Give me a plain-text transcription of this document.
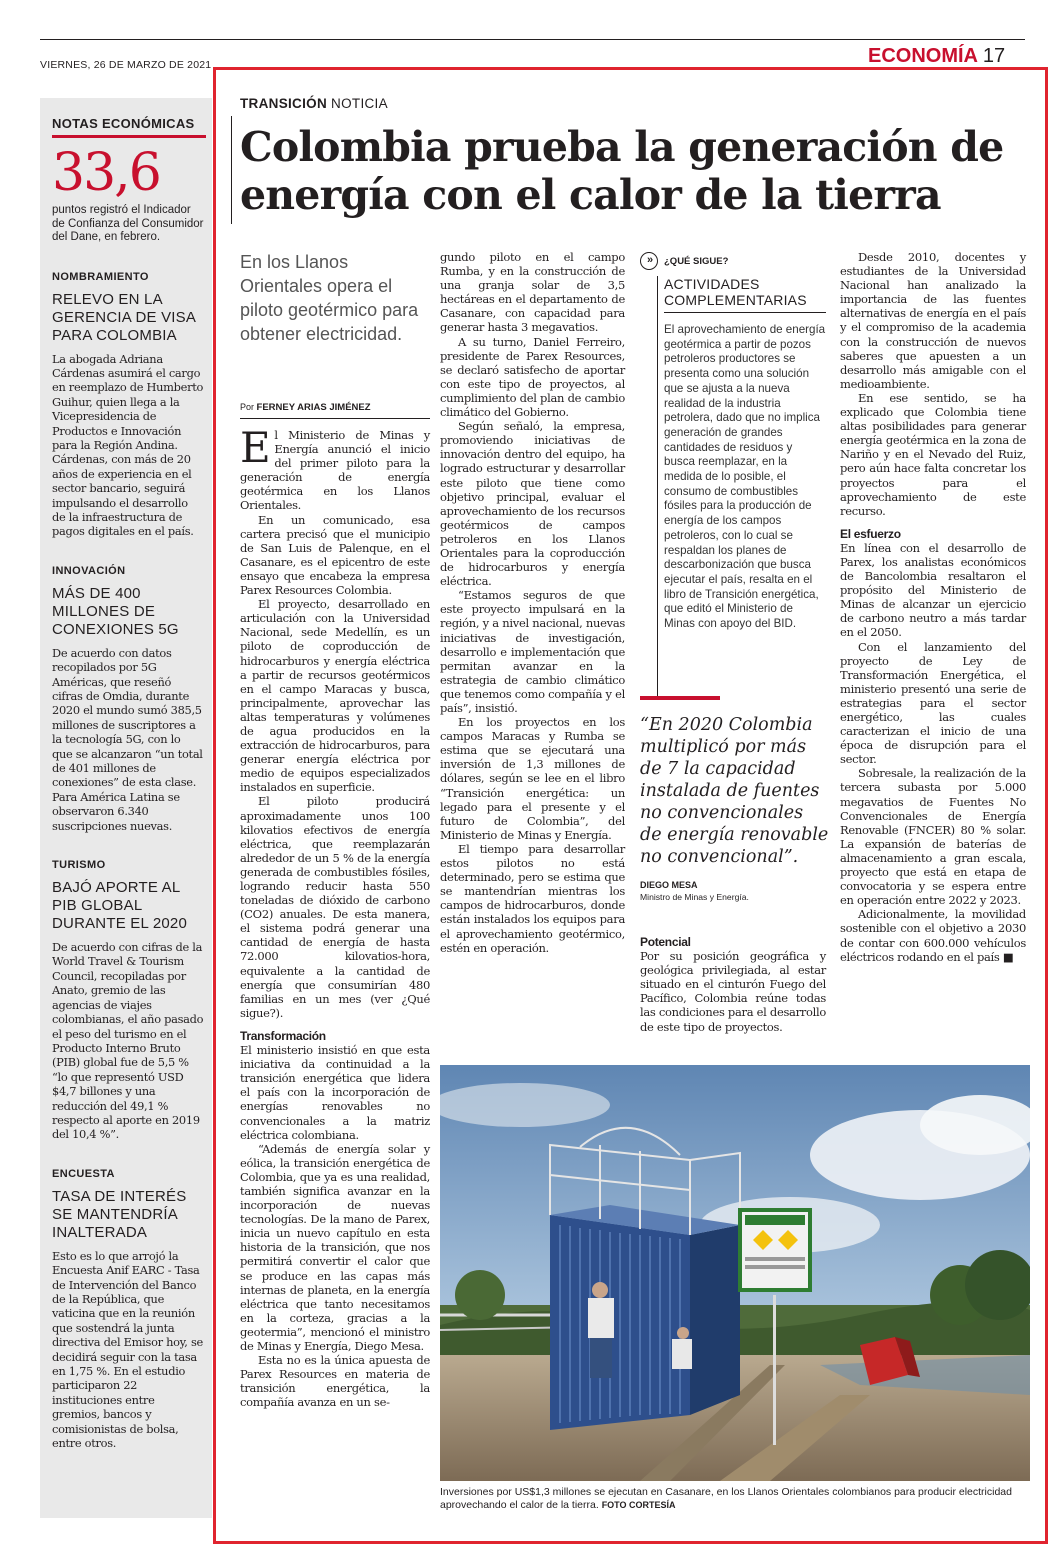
VIERNES, 26 DE MARZO DE 2021	ECONOMÍA 17
NOTAS ECONÓMICAS
33,6
puntos registró el Indicador de Confianza del Consumidor del Dane, en febrero.
NOMBRAMIENTO
RELEVO EN LA GERENCIA DE VISA PARA COLOMBIA
La abogada Adriana Cárdenas asumirá el cargo en reemplazo de Humberto Guihur, quien llega a la Vicepresidencia de Productos e Innovación para la Región Andina. Cárdenas, con más de 20 años de experiencia en el sector bancario, seguirá impulsando el desarrollo de la infraestructura de pagos digitales en el país.
INNOVACIÓN
MÁS DE 400 MILLONES DE CONEXIONES 5G
De acuerdo con datos recopilados por 5G Américas, que reseñó cifras de Omdia, durante 2020 el mundo sumó 385,5 millones de suscriptores a la tecnología 5G, con lo que se alcanzaron “un total de 401 millones de conexiones” de esta clase. Para América Latina se observaron 6.340 suscripciones nuevas.
TURISMO
BAJÓ APORTE AL PIB GLOBAL DURANTE EL 2020
De acuerdo con cifras de la World Travel & Tourism Council, recopiladas por Anato, gremio de las agencias de viajes colombianas, el año pasado el peso del turismo en el Producto Interno Bruto (PIB) global fue de 5,5 % “lo que representó USD $4,7 billones y una reducción del 49,1 % respecto al aporte en 2019 del 10,4 %”.
ENCUESTA
TASA DE INTERÉS SE MANTENDRÍA INALTERADA
Esto es lo que arrojó la Encuesta Anif EARC - Tasa de Intervención del Banco de la República, que vaticina que en la reunión que sostendrá la junta directiva del Emisor hoy, se decidirá seguir con la tasa en 1,75 %. En el estudio participaron 22 instituciones entre gremios, bancos y comisionistas de bolsa, entre otros.
TRANSICIÓN NOTICIA
Colombia prueba la generación de energía con el calor de la tierra
En los Llanos Orientales opera el piloto geotérmico para obtener electricidad.
Por FERNEY ARIAS JIMÉNEZ

El Ministerio de Minas y Energía anunció el inicio del primer piloto para la generación de energía geotérmica en los Llanos Orientales.

En un comunicado, esa cartera precisó que el municipio de San Luis de Palenque, en el Casanare, es el epicentro de este ensayo que encabeza la empresa Parex Resources Colombia.

El proyecto, desarrollado en articulación con la Universidad Nacional, sede Medellín, es un piloto de coproducción de hidrocarburos y energía eléctrica a partir de recursos geotérmicos en el campo Maracas y busca, principalmente, aprovechar las altas temperaturas y volúmenes de agua producidos en la extracción de hidrocarburos, para generar energía eléctrica por medio de equipos especializados instalados en superficie.

El piloto producirá aproximadamente unos 100 kilovatios efectivos de energía eléctrica, que reemplazarán alrededor de un 5 % de la energía generada de combustibles fósiles, logrando reducir hasta 550 toneladas de dióxido de carbono (CO2) anuales. De esta manera, el sistema podrá generar una cantidad de energía de hasta 72.000 kilovatios-hora, equivalente a la cantidad de energía que consumirían 480 familias en un mes (ver ¿Qué sigue?).

Transformación

El ministerio insistió en que esta iniciativa da continuidad a la transición energética que lidera el país con la incorporación de energías renovables no convencionales a la matriz eléctrica colombiana.

“Además de energía solar y eólica, la transición energética de Colombia, que ya es una realidad, también significa avanzar en la incorporación de nuevas tecnologías. De la mano de Parex, inicia un nuevo capítulo en esta historia de la transición, que nos permitirá convertir el calor que se produce en las capas más internas de planeta, en la energía eléctrica que tanto necesitamos en la corteza, gracias a la geotermia”, mencionó el ministro de Minas y Energía, Diego Mesa.

Esta no es la única apuesta de Parex Resources en materia de transición energética, la compañía avanza en un se-

gundo piloto en el campo Rumba, y en la construcción de una granja solar de 3,5 hectáreas en el departamento de Casanare, con capacidad para generar hasta 3 megavatios.

A su turno, Daniel Ferreiro, presidente de Parex Resources, se declaró satisfecho de aportar con este tipo de proyectos, al cumplimiento del plan de cambio climático del Gobierno.

Según señaló, la empresa, promoviendo iniciativas de innovación dentro del equipo, ha logrado estructurar y desarrollar este piloto que tiene como objetivo principal, evaluar el aprovechamiento de los recursos geotérmicos de campos petroleros en los Llanos Orientales para la coproducción de hidrocarburos y energía eléctrica.

“Estamos seguros de que este proyecto impulsará en la región, y a nivel nacional, nuevas iniciativas de investigación, desarrollo e implementación que permitan avanzar en la estrategia de cambio climático que tenemos como compañía y el país”, insistió.

En los proyectos en los campos Maracas y Rumba se estima que se ejecutará una inversión de 1,3 millones de dólares, según se lee en el libro “Transición energética: un legado para el presente y el futuro de Colombia”, del Ministerio de Minas y Energía.

El tiempo para desarrollar estos pilotos no está determinado, pero se estima que se mantendrían mientras los campos de hidrocarburos, donde están instalados los equipos para el aprovechamiento geotérmico, estén en operación.

» ¿QUÉ SIGUE?
ACTIVIDADES COMPLEMENTARIAS
El aprovechamiento de energía geotérmica a partir de pozos petroleros productores se presenta como una solución que se ajusta a la nueva realidad de la industria petrolera, dado que no implica generación de grandes cantidades de residuos y busca reemplazar, en la medida de lo posible, el consumo de combustibles fósiles para la producción de energía de los campos petroleros, con lo cual se respaldan los planes de descarbonización que busca ejecutar el país, resalta en el libro de Transición energética, que editó el Ministerio de Minas con apoyo del BID.
“En 2020 Colombia multiplicó por más de 7 la capacidad instalada de fuentes no convencionales de energía renovable no convencional”.
DIEGO MESA
Ministro de Minas y Energía.
Potencial

Por su posición geográfica y geológica privilegiada, al estar situado en el cinturón Fuego del Pacífico, Colombia reúne todas las condiciones para el desarrollo de este tipo de proyectos.

Desde 2010, docentes y estudiantes de la Universidad Nacional han analizado la importancia de las fuentes alternativas de energía en el país y el compromiso de la academia con la construcción de nuevos saberes que apuesten a un desarrollo más amigable con el medioambiente.

En ese sentido, se ha explicado que Colombia tiene altas posibilidades para generar energía geotérmica en la zona de Nariño y en el Nevado del Ruiz, pero aún hace falta concretar los proyectos para el aprovechamiento de este recurso.

El esfuerzo

En línea con el desarrollo de Parex, los analistas económicos de Bancolombia resaltaron el propósito del Ministerio de Minas de alcanzar un ejercicio de carbono neutro a más tardar en el 2050.

Con el lanzamiento del proyecto de Ley de Transformación Energética, el ministerio presentó una serie de estrategias para el sector energético, las cuales caracterizan el inicio de una época de disrupción para el sector.

Sobresale, la realización de la tercera subasta por 5.000 megavatios de Fuentes No Convencionales de Energía Renovable (FNCER) 80 % solar. La expansión de baterías de almacenamiento a gran escala, proyecto que está en etapa de convocatoria y se espera entre en operación entre 2022 y 2023.

Adicionalmente, la movilidad sostenible con el objetivo a 2030 de contar con 600.000 vehículos eléctricos rodando en el país ■

Inversiones por US$1,3 millones se ejecutan en Casanare, en los Llanos Orientales colombianos para producir electricidad aprovechando el calor de la tierra. FOTO CORTESÍA
